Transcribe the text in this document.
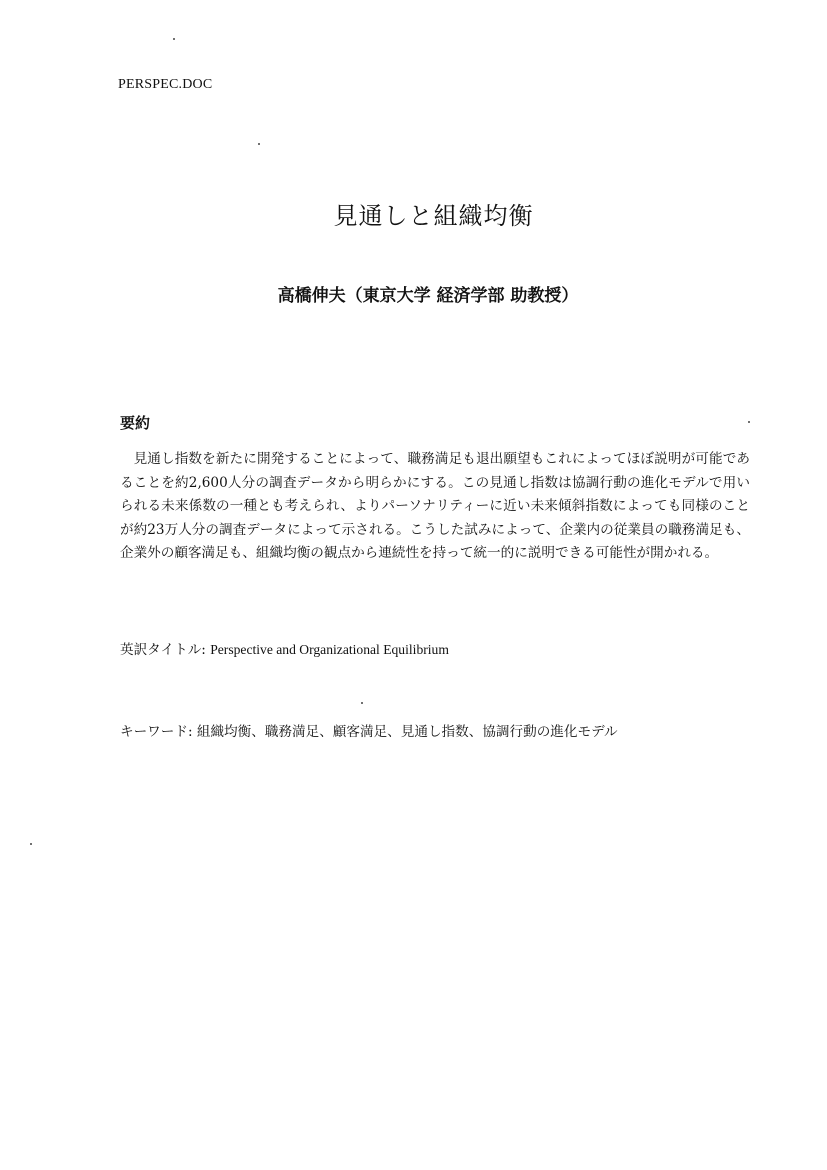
PERSPEC.DOC
見通しと組織均衡
高橋伸夫（東京大学 経済学部 助教授）
要約

見通し指数を新たに開発することによって、職務満足も退出願望もこれによってほぼ説明が可能であることを約2,600人分の調査データから明らかにする。この見通し指数は協調行動の進化モデルで用いられる未来係数の一種とも考えられ、よりパーソナリティーに近い未来傾斜指数によっても同様のことが約23万人分の調査データによって示される。こうした試みによって、企業内の従業員の職務満足も、企業外の顧客満足も、組織均衡の観点から連続性を持って統一的に説明できる可能性が開かれる。

英訳タイトル: Perspective and Organizational Equilibrium
キーワード: 組織均衡、職務満足、顧客満足、見通し指数、協調行動の進化モデル
